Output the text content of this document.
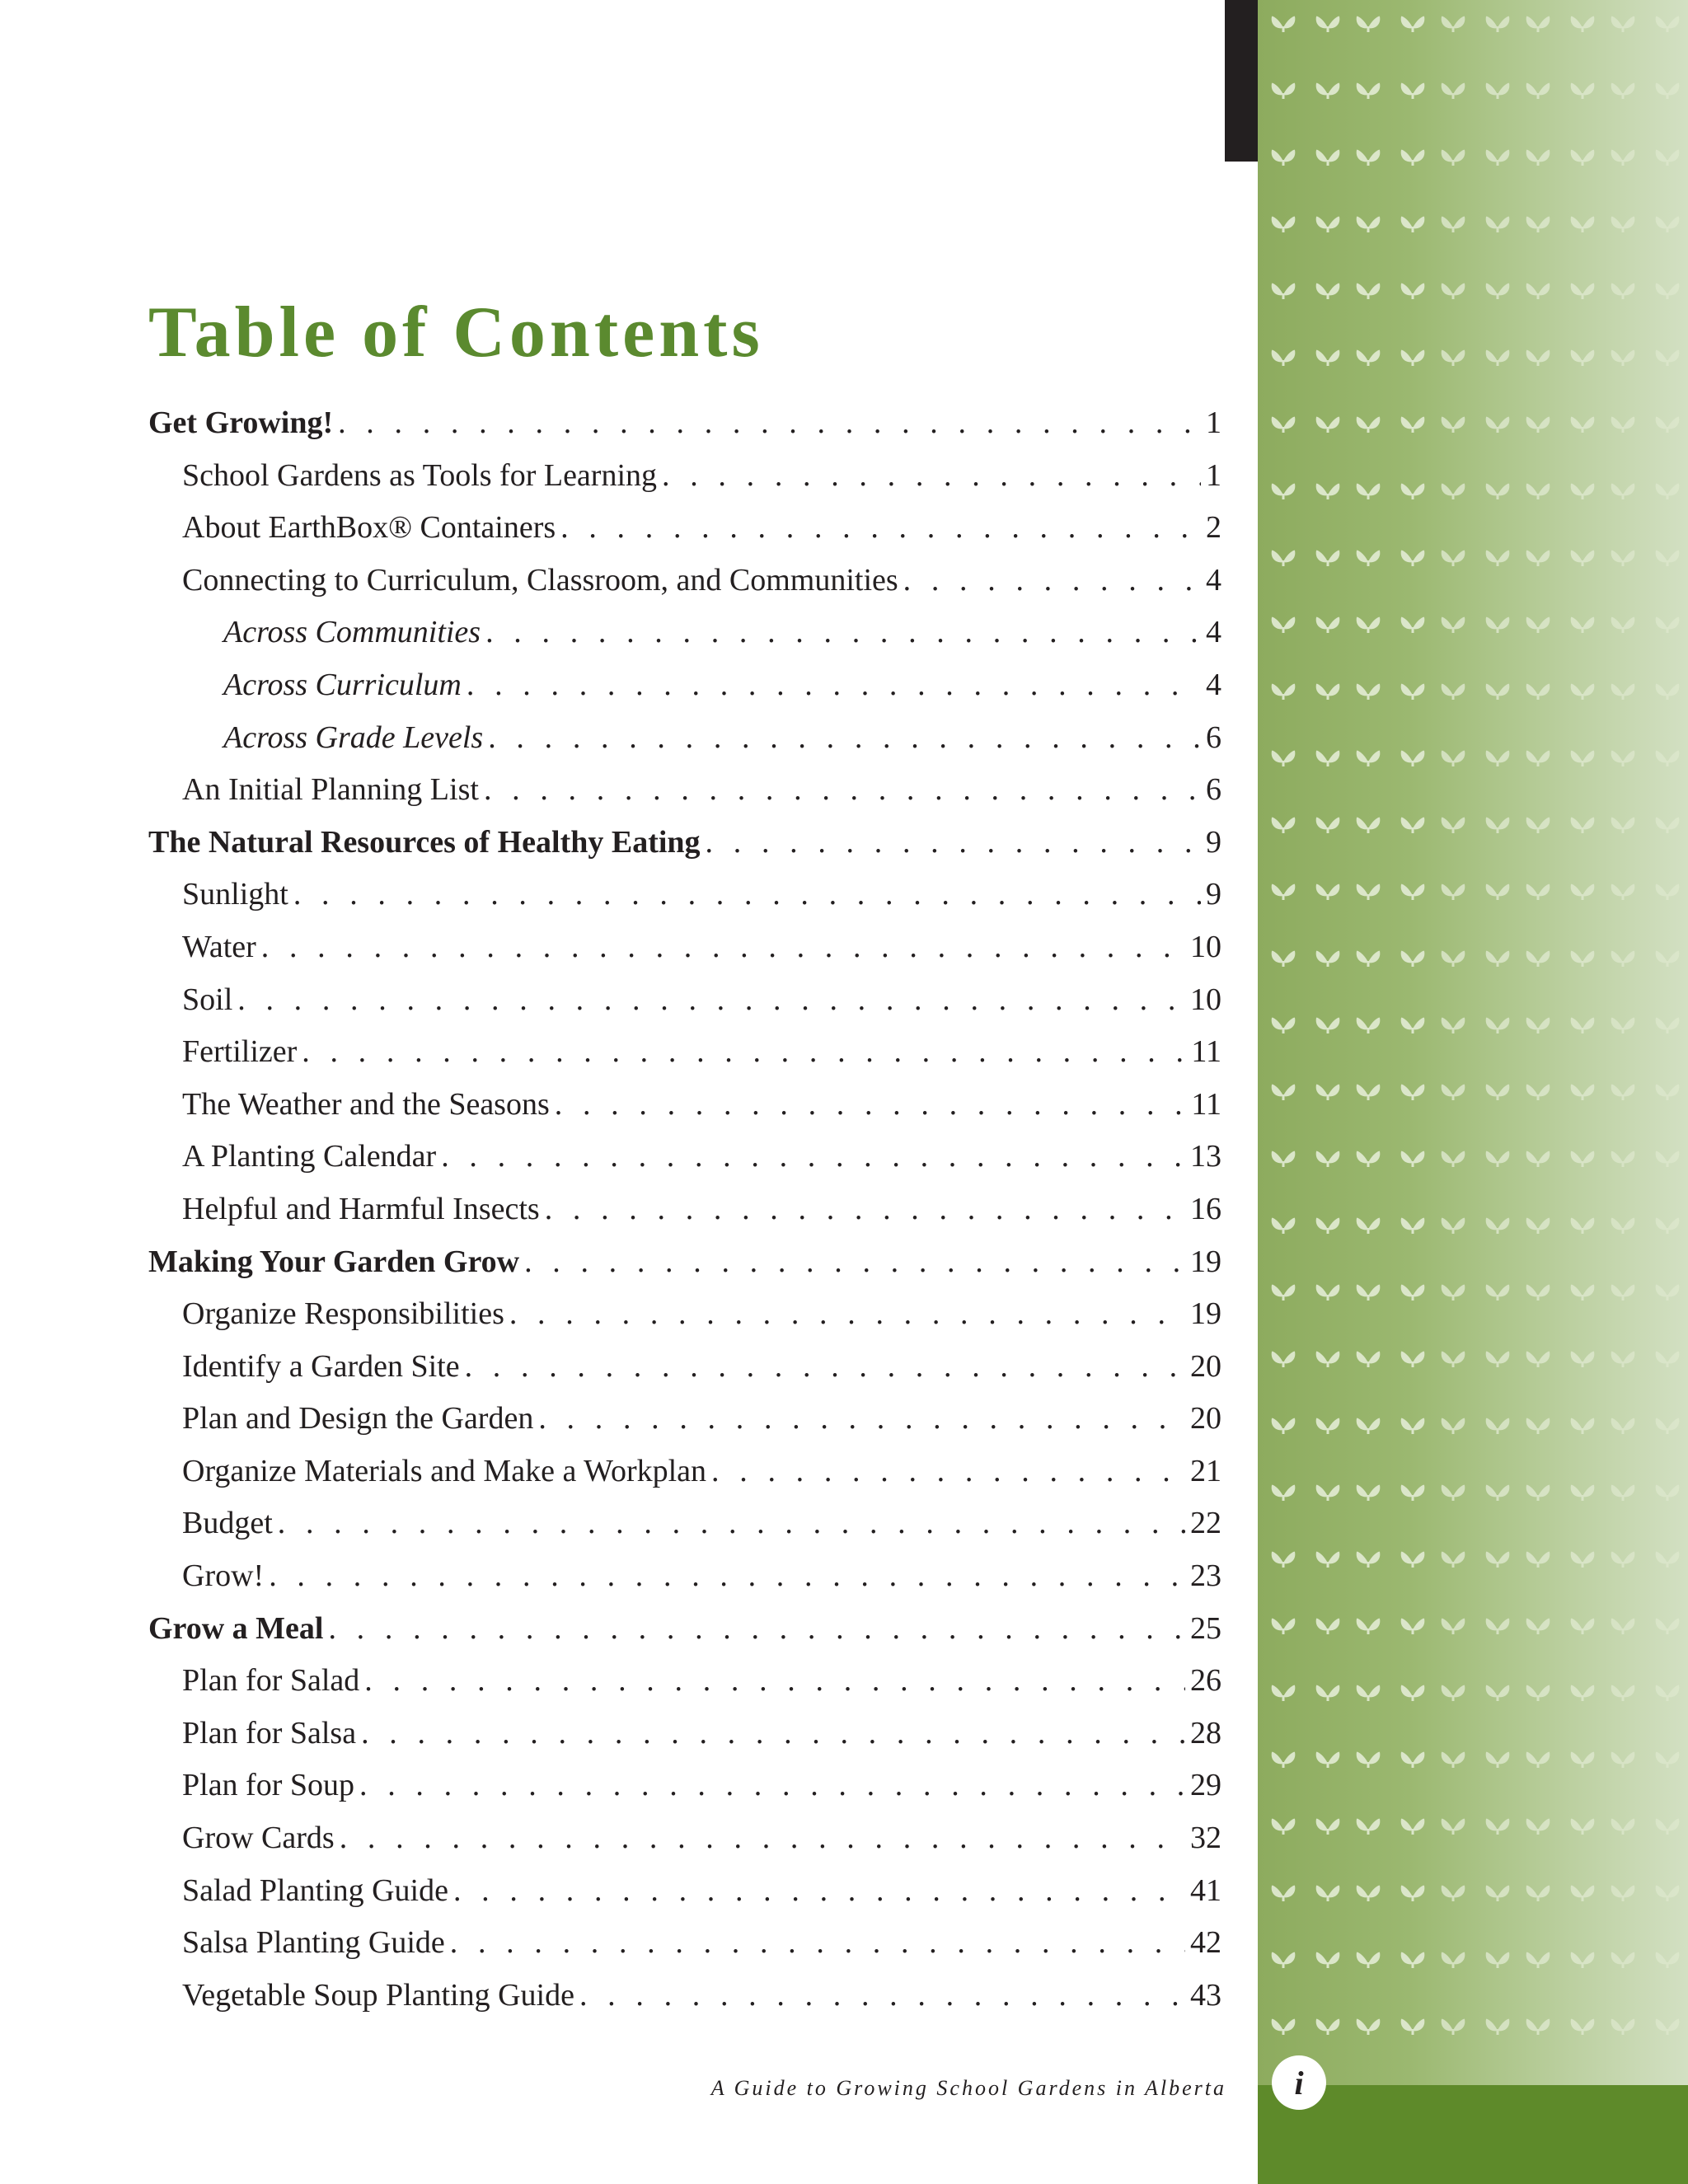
i
Table of Contents
Get Growing! . . .	1
School Gardens as Tools for Learning . . .	1
About EarthBox® Containers . . .	2
Connecting to Curriculum, Classroom, and Communities . . .	4
Across Communities . . .	4
Across Curriculum . . .	4
Across Grade Levels . . .	6
An Initial Planning List . . .	6
The Natural Resources of Healthy Eating . . .	9
Sunlight . . .	9
Water . . .	10
Soil . . .	10
Fertilizer . . .	11
The Weather and the Seasons . . .	11
A Planting Calendar . . .	13
Helpful and Harmful Insects . . .	16
Making Your Garden Grow . . .	19
Organize Responsibilities . . .	19
Identify a Garden Site . . .	20
Plan and Design the Garden . . .	20
Organize Materials and Make a Workplan . . .	21
Budget . . .	22
Grow! . . .	23
Grow a Meal . . .	25
Plan for Salad . . .	26
Plan for Salsa . . .	28
Plan for Soup . . .	29
Grow Cards . . .	32
Salad Planting Guide . . .	41
Salsa Planting Guide . . .	42
Vegetable Soup Planting Guide . . .	43
A Guide to Growing School Gardens in Alberta
